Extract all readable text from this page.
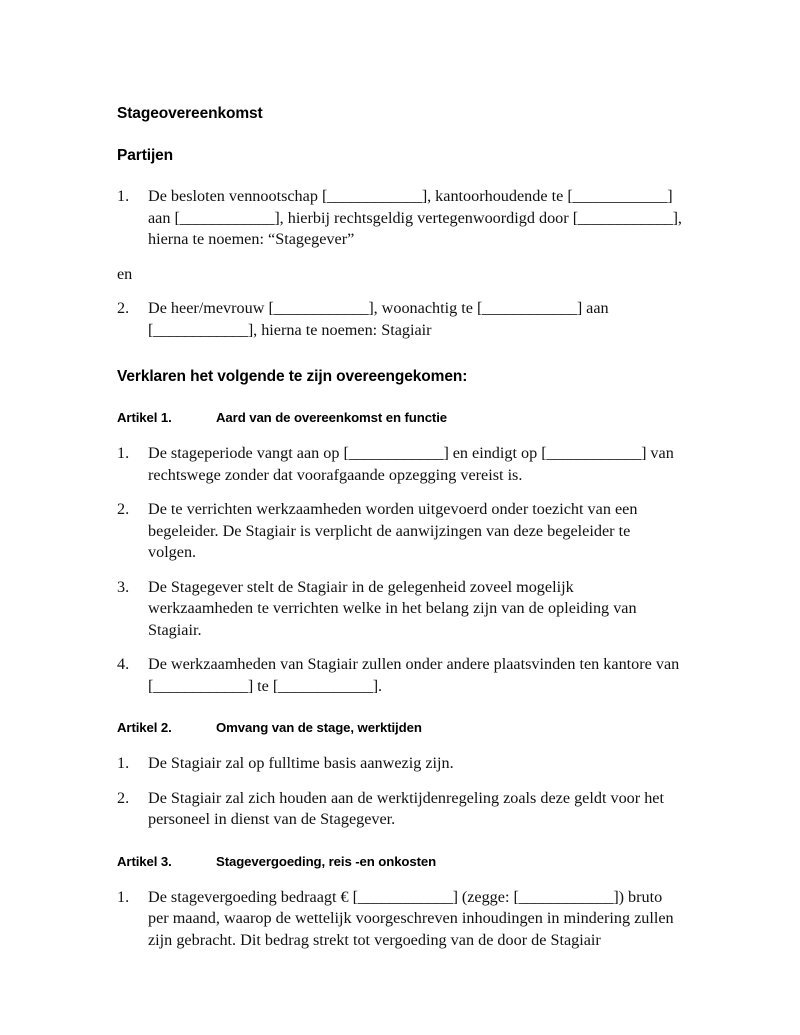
Stageovereenkomst
Partijen
1.	De besloten vennootschap [____________], kantoorhoudende te [____________] aan [____________], hierbij rechtsgeldig vertegenwoordigd door [____________], hierna te noemen: “Stagegever”

en

2.	De heer/mevrouw [____________], woonachtig te [____________] aan [____________], hierna te noemen: Stagiair
Verklaren het volgende te zijn overeengekomen:
Artikel 1.	Aard van de overeenkomst en functie
1.	De stageperiode vangt aan op [____________] en eindigt op [____________] van rechtswege zonder dat voorafgaande opzegging vereist is.
2.	De te verrichten werkzaamheden worden uitgevoerd onder toezicht van een begeleider. De Stagiair is verplicht de aanwijzingen van deze begeleider te volgen.
3.	De Stagegever stelt de Stagiair in de gelegenheid zoveel mogelijk werkzaamheden te verrichten welke in het belang zijn van de opleiding van Stagiair.
4.	De werkzaamheden van Stagiair zullen onder andere plaatsvinden ten kantore van [____________] te [____________].
Artikel 2.	Omvang van de stage, werktijden
1.	De Stagiair zal op fulltime basis aanwezig zijn.
2.	De Stagiair zal zich houden aan de werktijdenregeling zoals deze geldt voor het personeel in dienst van de Stagegever.
Artikel 3.	Stagevergoeding, reis -en onkosten
1.	De stagevergoeding bedraagt € [____________] (zegge: [____________]) bruto per maand, waarop de wettelijk voorgeschreven inhoudingen in mindering zullen zijn gebracht. Dit bedrag strekt tot vergoeding van de door de Stagiair
